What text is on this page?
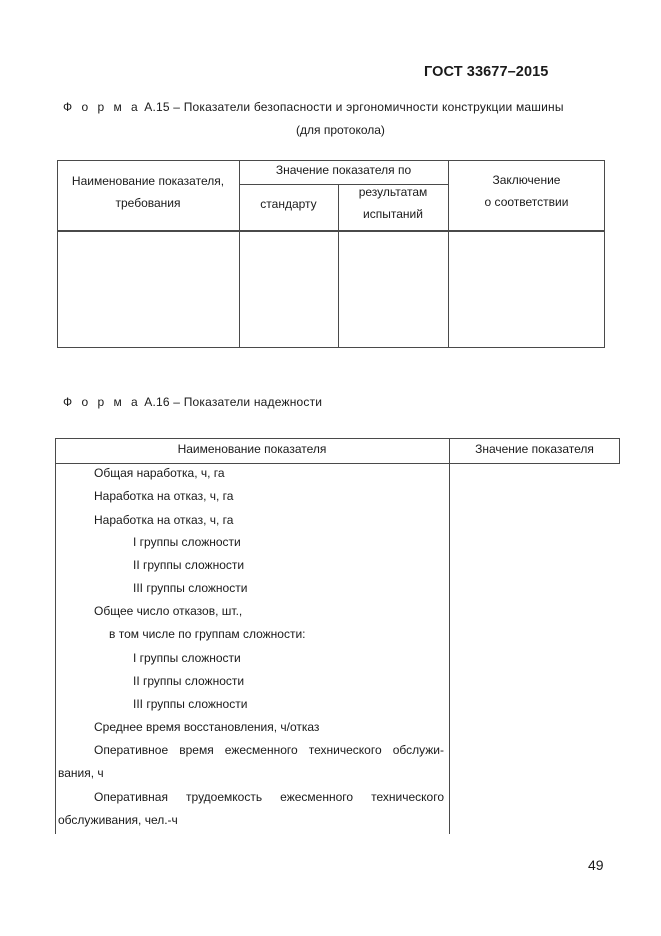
ГОСТ 33677–2015
Ф о р м а А.15 – Показатели безопасности и эргономичности конструкции машины
(для протокола)
Наименование показателя,
требования
Значение показателя по
стандарту
результатам
испытаний
Заключение
о соответствии
Ф о р м а А.16 – Показатели надежности
Наименование показателя	Значение показателя
Общая наработка, ч, га
Наработка на отказ, ч, га
Наработка на отказ, ч, га
I группы сложности
II группы сложности
III группы сложности
Общее число отказов, шт.,
в том числе по группам сложности:
I группы сложности
II группы сложности
III группы сложности
Среднее время восстановления, ч/отказ
Оперативное время ежесменного технического обслужи-
вания, ч
Оперативная трудоемкость ежесменного технического
обслуживания, чел.-ч
49
